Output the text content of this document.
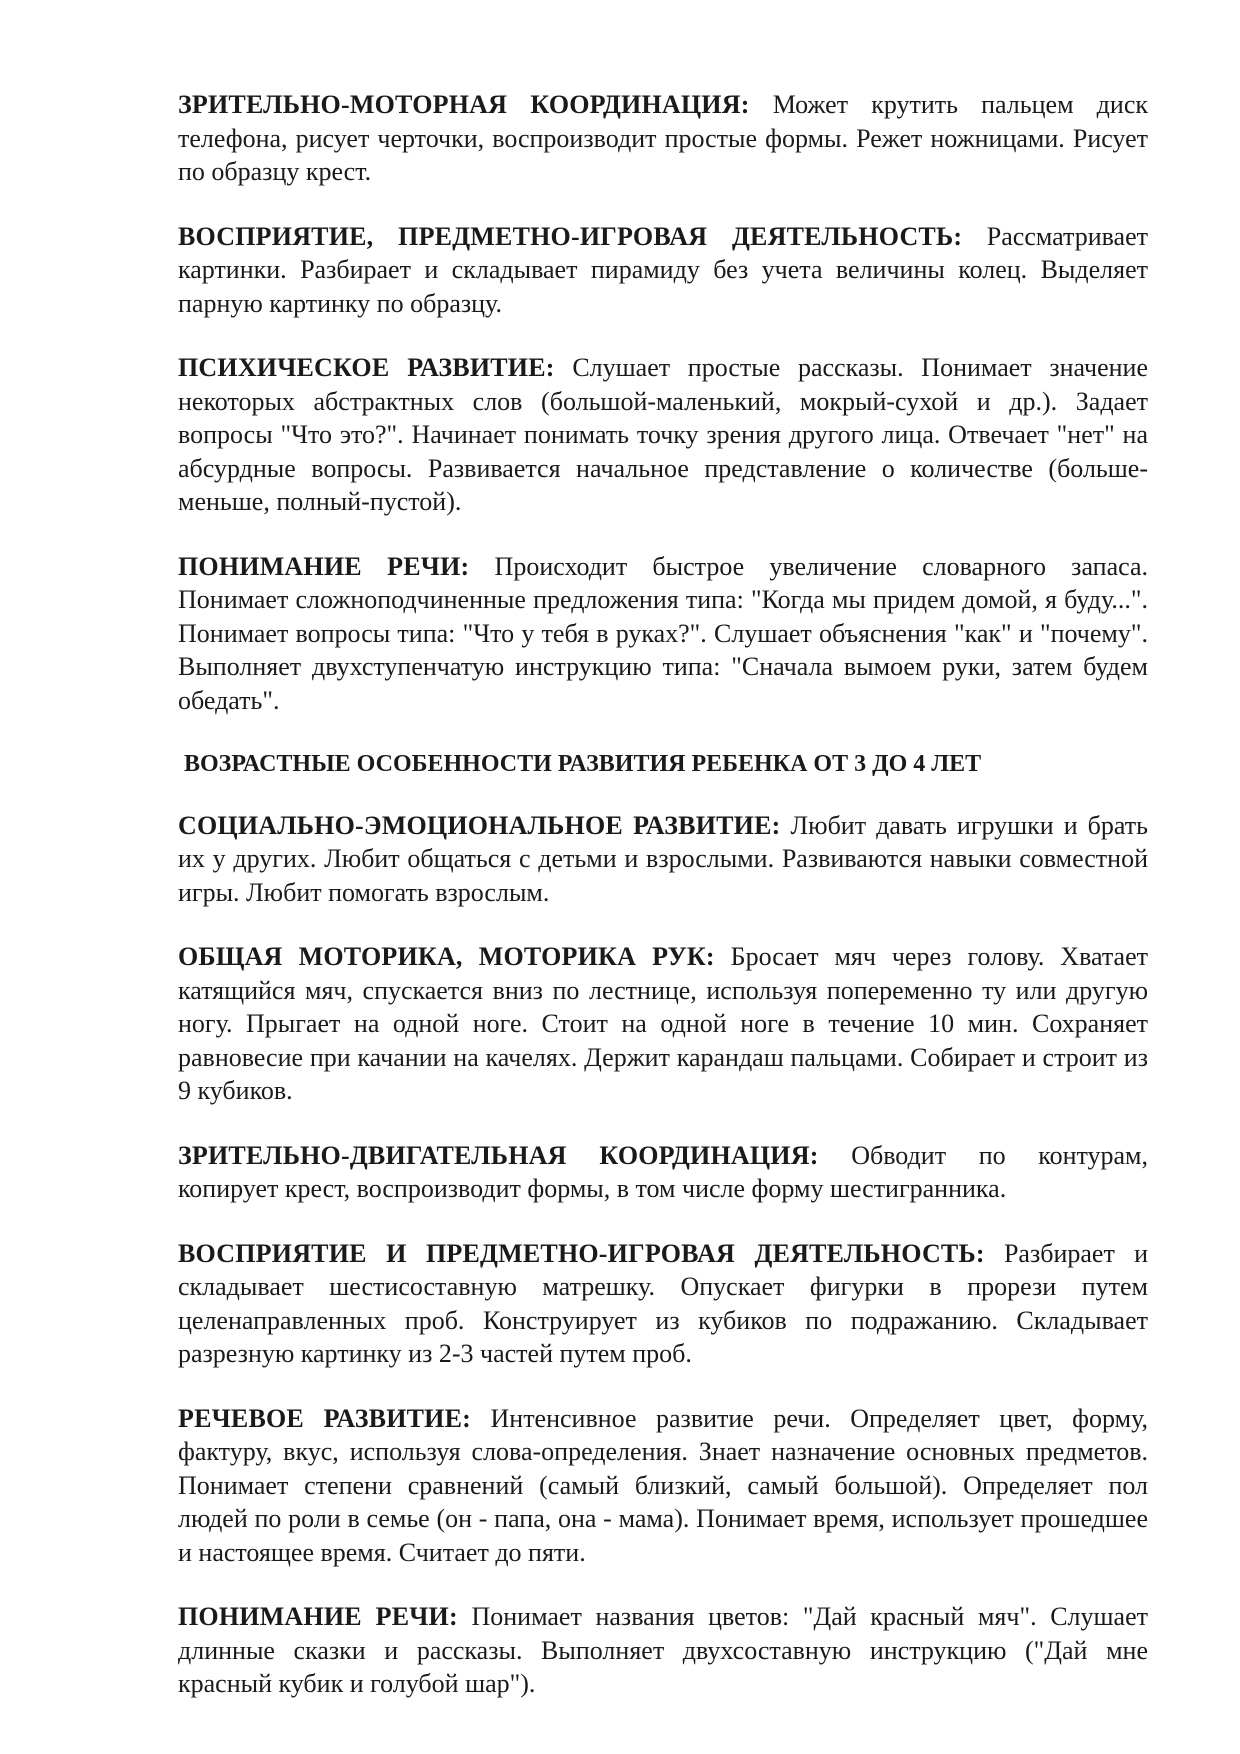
ЗРИТЕЛЬНО-МОТОРНАЯ КООРДИНАЦИЯ: Может крутить пальцем диск телефона, рисует черточки, воспроизводит простые формы. Режет ножницами. Рисует по образцу крест.

ВОСПРИЯТИЕ, ПРЕДМЕТНО-ИГРОВАЯ ДЕЯТЕЛЬНОСТЬ: Рассматривает картинки. Разбирает и складывает пирамиду без учета величины колец. Выделяет парную картинку по образцу.

ПСИХИЧЕСКОЕ РАЗВИТИЕ: Слушает простые рассказы. Понимает значение некоторых абстрактных слов (большой-маленький, мокрый-сухой и др.). Задает вопросы "Что это?". Начинает понимать точку зрения другого лица. Отвечает "нет" на абсурдные вопросы. Развивается начальное представление о количестве (больше-меньше, полный-пустой).

ПОНИМАНИЕ РЕЧИ: Происходит быстрое увеличение словарного запаса. Понимает сложноподчиненные предложения типа: "Когда мы придем домой, я буду...". Понимает вопросы типа: "Что у тебя в руках?". Слушает объяснения "как" и "почему". Выполняет двухступенчатую инструкцию типа: "Сначала вымоем руки, затем будем обедать".

ВОЗРАСТНЫЕ ОСОБЕННОСТИ РАЗВИТИЯ РЕБЕНКА ОТ 3 ДО 4 ЛЕТ

СОЦИАЛЬНО-ЭМОЦИОНАЛЬНОЕ РАЗВИТИЕ: Любит давать игрушки и брать их у других. Любит общаться с детьми и взрослыми. Развиваются навыки совместной игры. Любит помогать взрослым.

ОБЩАЯ МОТОРИКА, МОТОРИКА РУК: Бросает мяч через голову. Хватает катящийся мяч, спускается вниз по лестнице, используя попеременно ту или другую ногу. Прыгает на одной ноге. Стоит на одной ноге в течение 10 мин. Сохраняет равновесие при качании на качелях. Держит карандаш пальцами. Собирает и строит из 9 кубиков.

ЗРИТЕЛЬНО-ДВИГАТЕЛЬНАЯ КООРДИНАЦИЯ: Обводит по контурам, копирует крест, воспроизводит формы, в том числе форму шестигранника.

ВОСПРИЯТИЕ И ПРЕДМЕТНО-ИГРОВАЯ ДЕЯТЕЛЬНОСТЬ: Разбирает и складывает шестисоставную матрешку. Опускает фигурки в прорези путем целенаправленных проб. Конструирует из кубиков по подражанию. Складывает разрезную картинку из 2-3 частей путем проб.

РЕЧЕВОЕ РАЗВИТИЕ: Интенсивное развитие речи. Определяет цвет, форму, фактуру, вкус, используя слова-определения. Знает назначение основных предметов. Понимает степени сравнений (самый близкий, самый большой). Определяет пол людей по роли в семье (он - папа, она - мама). Понимает время, использует прошедшее и настоящее время. Считает до пяти.

ПОНИМАНИЕ РЕЧИ: Понимает названия цветов: "Дай красный мяч". Слушает длинные сказки и рассказы. Выполняет двухсоставную инструкцию ("Дай мне красный кубик и голубой шар").
